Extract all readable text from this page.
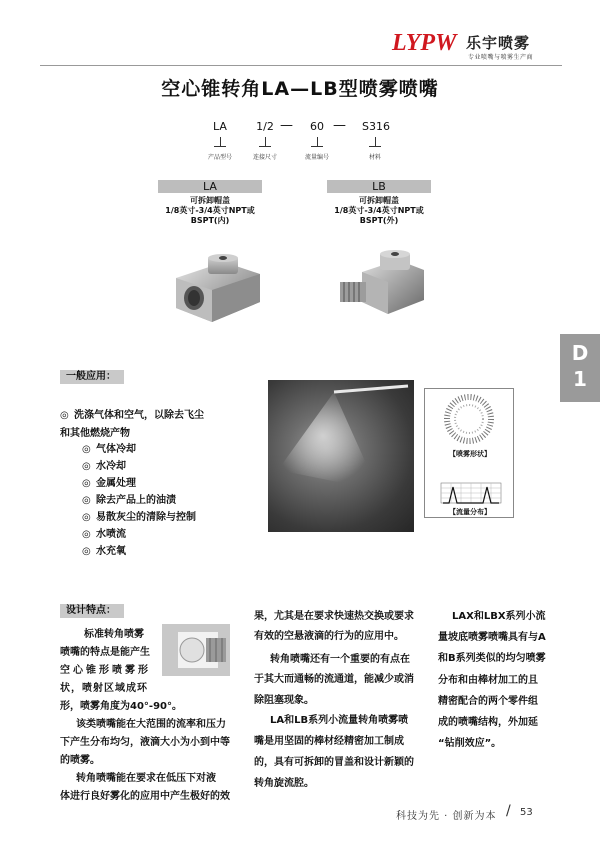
LYPW 乐宇喷雾
专业喷嘴与喷雾生产商
空心锥转角LA—LB型喷雾喷嘴
LA	1/2 —	60 — S316
产品型号	连接尺寸	流量编号	材料
LA
可拆卸帽盖
1/8英寸-3/4英寸NPT或
BSPT(内)
LB
可拆卸帽盖
1/8英寸-3/4英寸NPT或
BSPT(外)
D
1
一般应用：
◎ 洗涤气体和空气，以除去飞尘
和其他燃烧产物
◎ 气体冷却
◎ 水冷却
◎ 金属处理
◎ 除去产品上的油渍
◎ 易散灰尘的清除与控制
◎ 水喷流
◎ 水充氧
【喷雾形状】
【流量分布】
设计特点：
标准转角喷雾
喷嘴的特点是能产生
空心锥形喷雾形
状，喷射区域成环
形，喷雾角度为40°-90°。
该类喷嘴能在大范围的流率和压力
下产生分布均匀，液滴大小为小到中等
的喷雾。
转角喷嘴能在要求在低压下对液
体进行良好雾化的应用中产生极好的效
果，尤其是在要求快速热交换或要求
有效的空悬液滴的行为的应用中。
转角喷嘴还有一个重要的有点在
于其大而通畅的流通道，能减少或消
除阻塞现象。
LA和LB系列小流量转角喷雾喷
嘴是用坚固的棒材经精密加工制成
的，具有可拆卸的冒盖和设计新颖的
转角旋流腔。
LAX和LBX系列小流
量坡底喷雾喷嘴具有与A
和B系列类似的均匀喷雾
分布和由棒材加工的且
精密配合的两个零件组
成的喷嘴结构，外加延
“钻削效应”。
科技为先 · 创新为本 / 53
